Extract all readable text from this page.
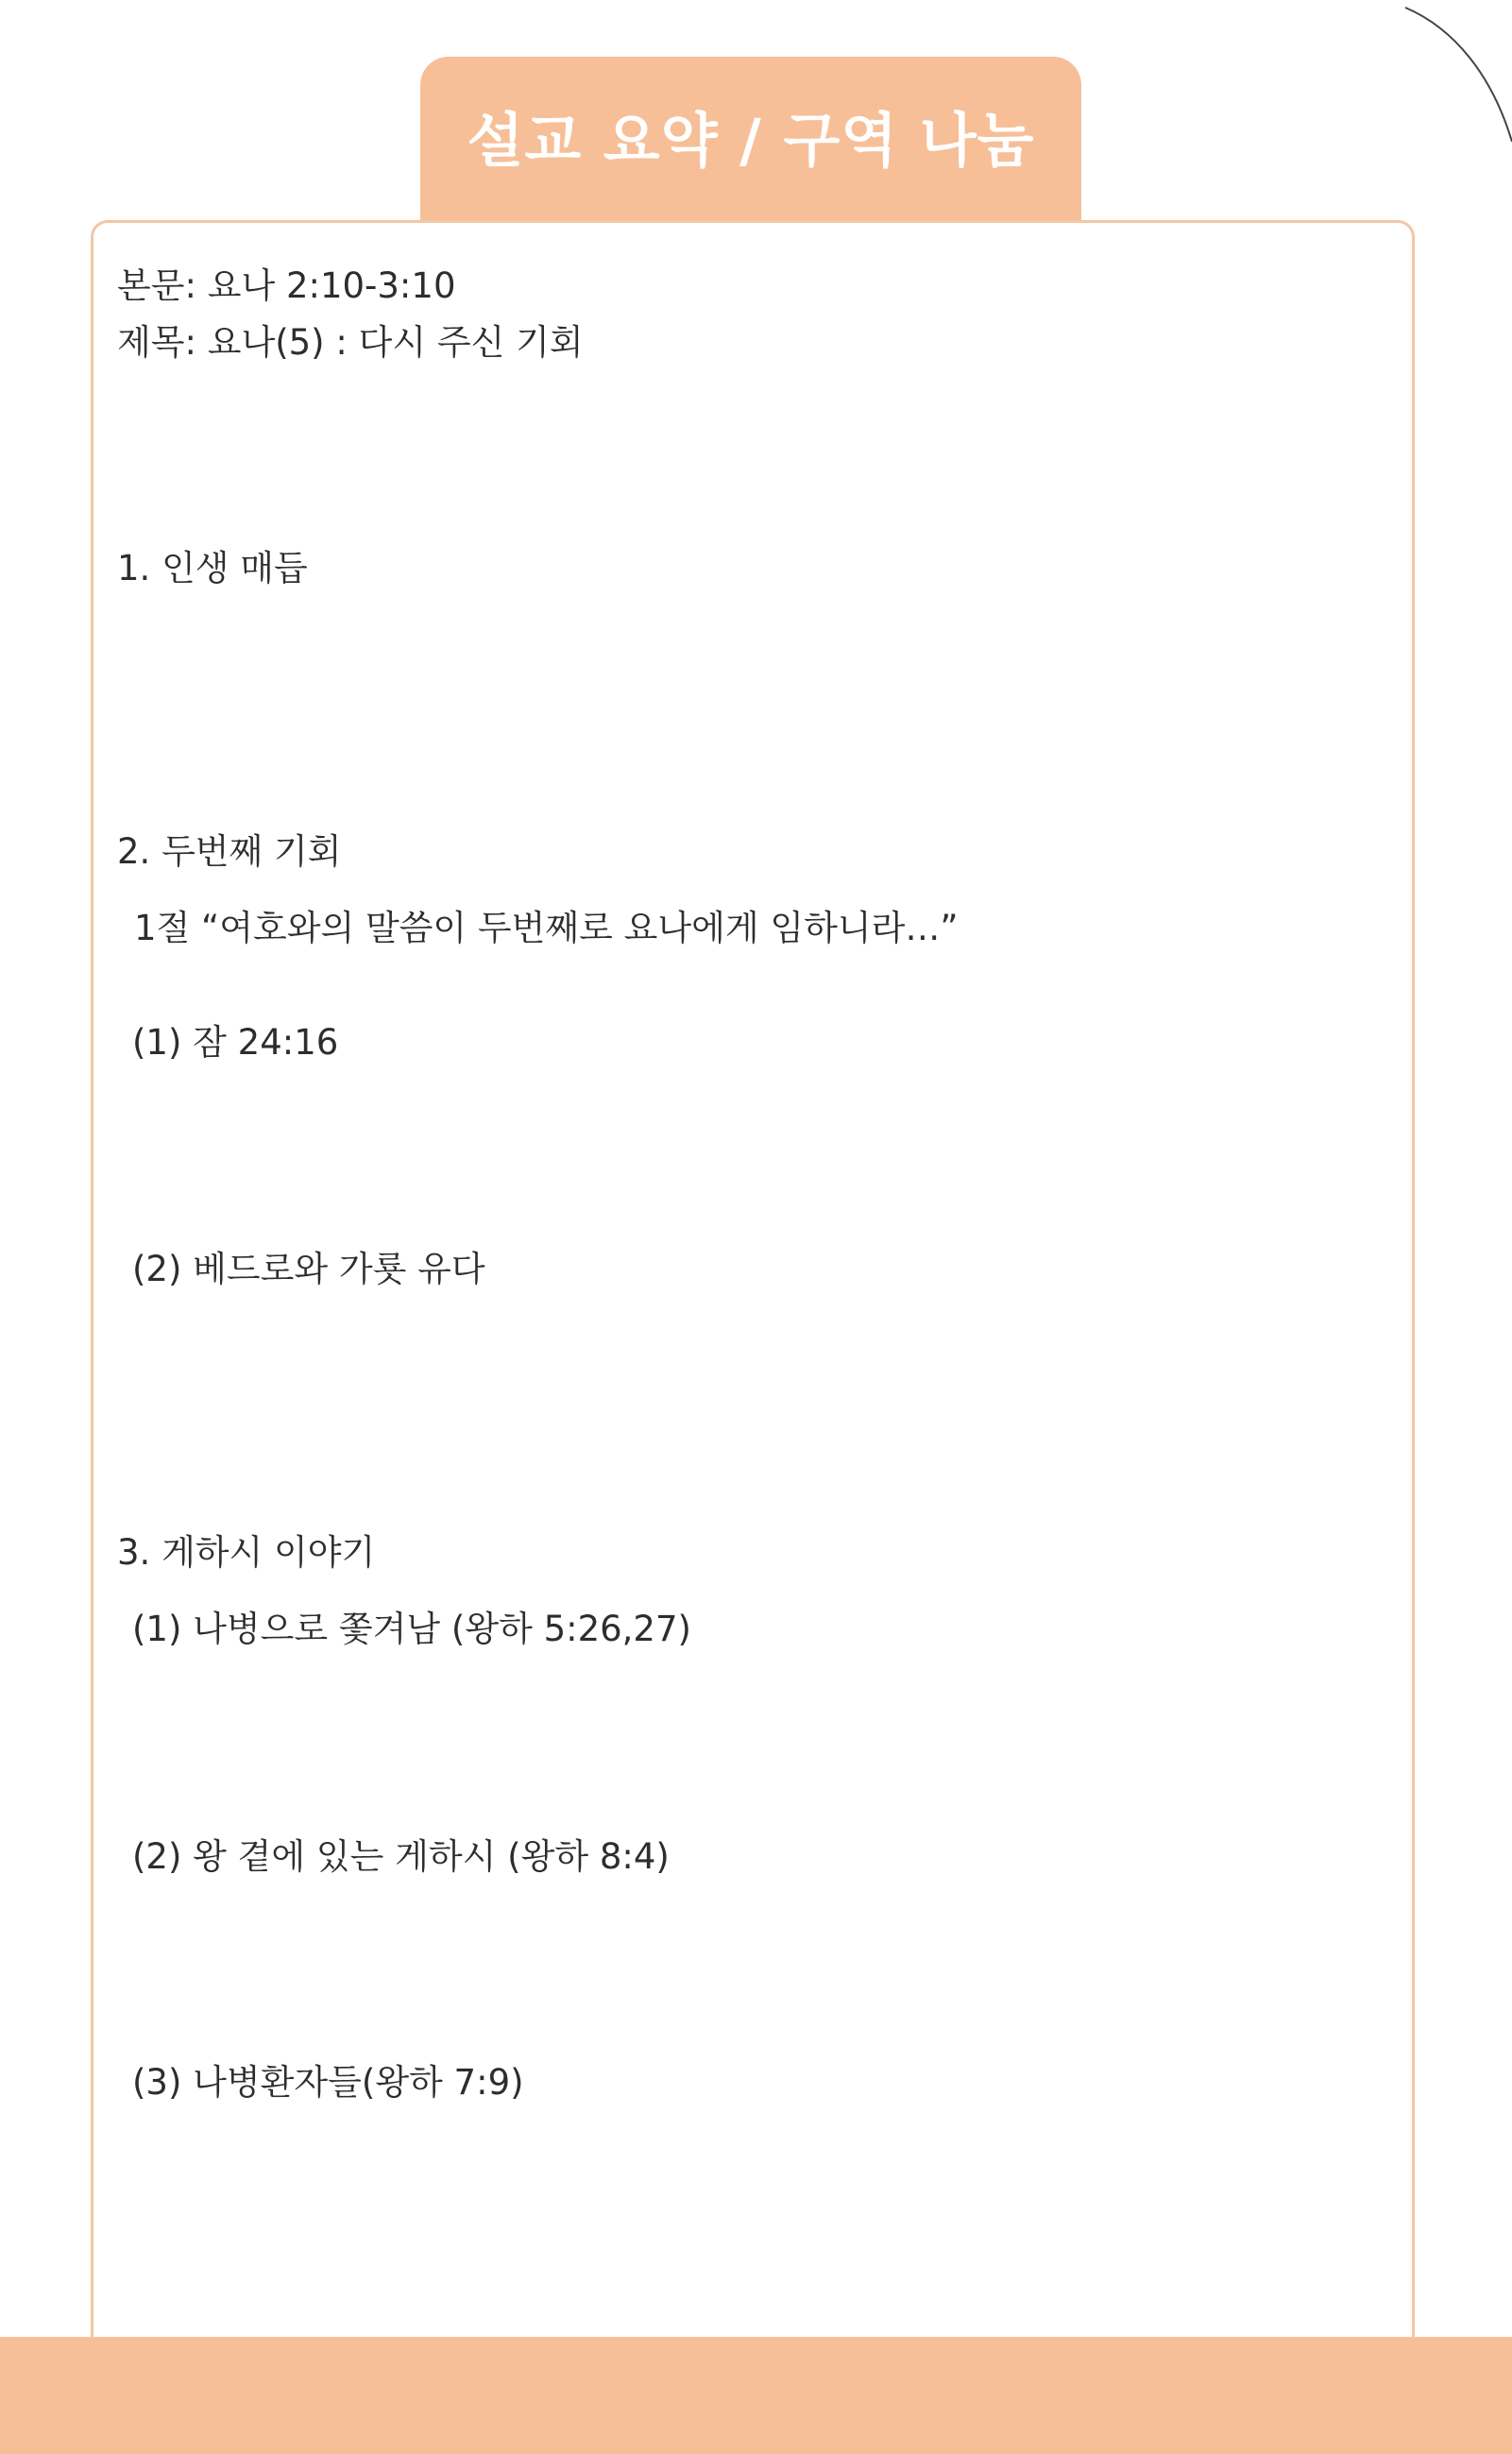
설교 요약 / 구역 나눔
본문: 요나 2:10-3:10
제목: 요나(5) : 다시 주신 기회
1. 인생 매듭
2. 두번째 기회
1절 “여호와의 말씀이 두번째로 요나에게 임하니라…”
(1) 잠 24:16
(2) 베드로와 가룟 유다
3. 게하시 이야기
(1) 나병으로 쫓겨남 (왕하 5:26,27)
(2) 왕 곁에 있는 게하시 (왕하 8:4)
(3) 나병환자들(왕하 7:9)
